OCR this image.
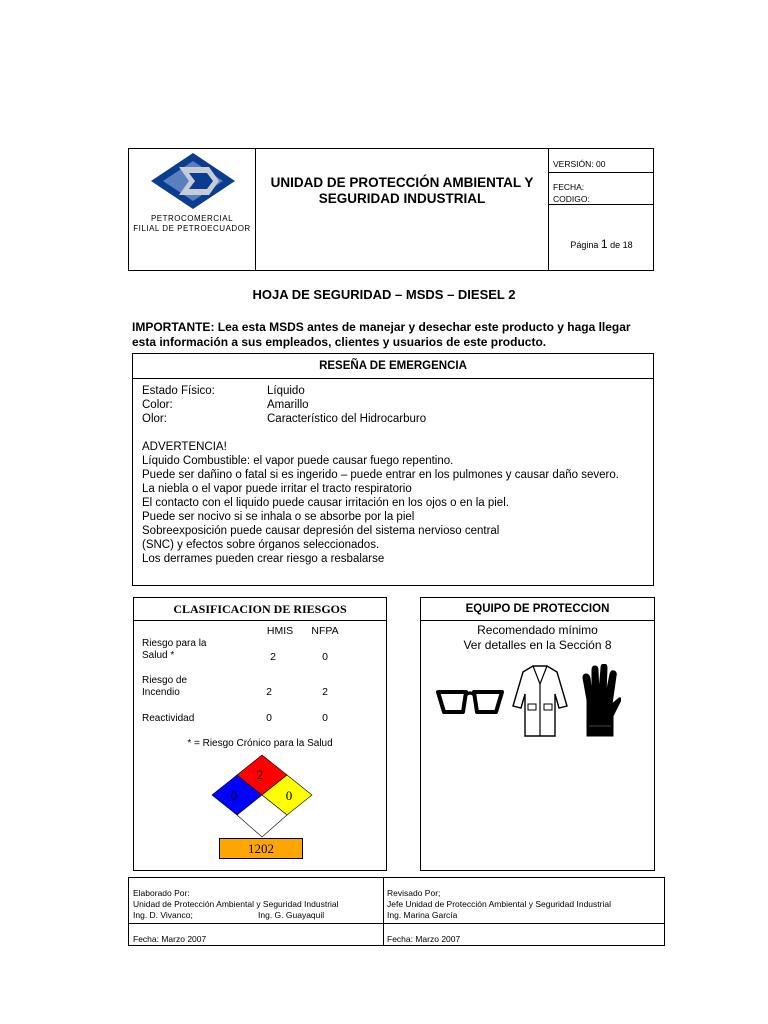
PETROCOMERCIAL
FILIAL DE PETROECUADOR
UNIDAD DE PROTECCIÓN AMBIENTAL Y SEGURIDAD INDUSTRIAL
VERSIÓN: 00
FECHA:
CODIGO:
Página 1 de 18
HOJA DE SEGURIDAD – MSDS – DIESEL 2
IMPORTANTE: Lea esta MSDS antes de manejar y desechar este producto y haga llegar esta información a sus empleados, clientes y usuarios de este producto.
RESEÑA DE EMERGENCIA
Estado Físico:	Líquido
Color:	Amarillo
Olor:	Característico del Hidrocarburo
ADVERTENCIA!
Líquido Combustible: el vapor puede causar fuego repentino.
Puede ser dañino o fatal si es ingerido – puede entrar en los pulmones y causar daño severo.
La niebla o el vapor puede irritar el tracto respiratorio
El contacto con el liquido puede causar irritación en los ojos o en la piel.
Puede ser nocivo si se inhala o se absorbe por la piel
Sobreexposición puede causar depresión del sistema nervioso central
(SNC) y efectos sobre órganos seleccionados.
Los derrames pueden crear riesgo a resbalarse
CLASIFICACION DE RIESGOS
HMIS NFPA
Riesgo para la
Salud *	2	0
Riesgo de
Incendio	2	2
Reactividad	0	0
* = Riesgo Crónico para la Salud
2
0	0
1202
EQUIPO DE PROTECCION
Recomendado mínimo
Ver detalles en la Sección 8
Elaborado Por:
Unidad de Protección Ambiental y Seguridad Industrial
Ing. D. Vivanco;	Ing. G. Guayaquil
Revisado Por;
Jefe Unidad de Protección Ambiental y Seguridad Industrial
Ing. Marina García
Fecha: Marzo 2007	Fecha: Marzo 2007
